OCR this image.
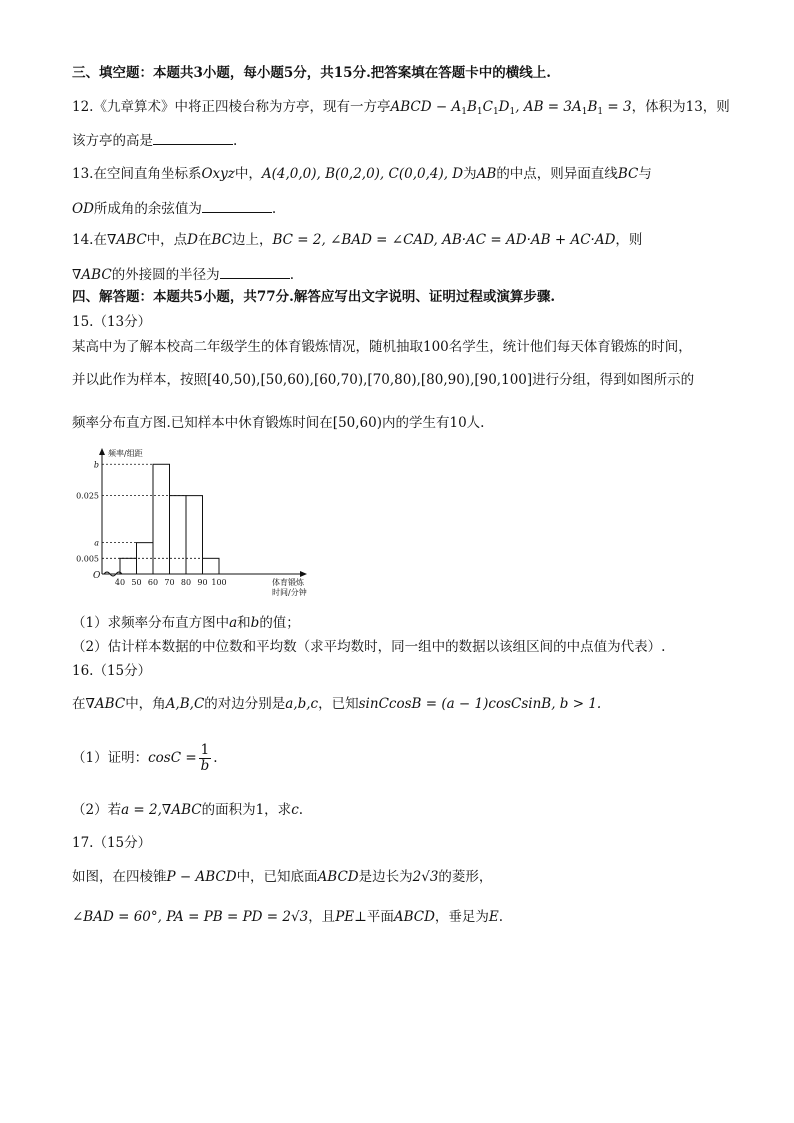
三、填空题：本题共3小题，每小题5分，共15分.把答案填在答题卡中的横线上.
12.《九章算术》中将正四棱台称为方亭，现有一方亭ABCD − $A_1B_1C_1D_1$, AB = $3A_1B_1 = 3$，体积为13，则
该方亭的高是	.
13.在空间直角坐标系Oxyz中，A(4,0,0), B(0,2,0), C(0,0,4), D为AB的中点，则异面直线BC与
OD所成角的余弦值为	.
14.在∇ABC中，点D在BC边上，BC = 2, ∠BAD = ∠CAD, AB·AC = AD·AB + AC·AD，则
∇ABC的外接圆的半径为	.
四、解答题：本题共5小题，共77分.解答应写出文字说明、证明过程或演算步骤.
15.（13分）
某高中为了解本校高二年级学生的体育锻炼情况，随机抽取100名学生，统计他们每天体育锻炼的时间，
并以此作为样本，按照[40,50),[50,60),[60,70),[70,80),[80,90),[90,100]进行分组，得到如图所示的
频率分布直方图.已知样本中休育锻炼时间在[50,60)内的学生有10人.
0.005
a
0.025
b
40 50 60 70 80 90 100
O
频率/组距
体育锻炼
时间/分钟
（1）求频率分布直方图中a和b的值；
（2）估计样本数据的中位数和平均数（求平均数时，同一组中的数据以该组区间的中点值为代表）.
16.（15分）
在∇ABC中，角A,B,C的对边分别是a,b,c，已知sinCcosB = (a − 1)cosCsinB, b > 1.
（1）证明：$\cos C = \frac{1}{b}$ .
（2）若a = 2,∇ABC的面积为1，求c.
17.（15分）
如图，在四棱锥P − ABCD中，已知底面ABCD是边长为2√3的菱形，
∠BAD = 60°, PA = PB = PD = 2√3，且PE⊥平面ABCD，垂足为E.
